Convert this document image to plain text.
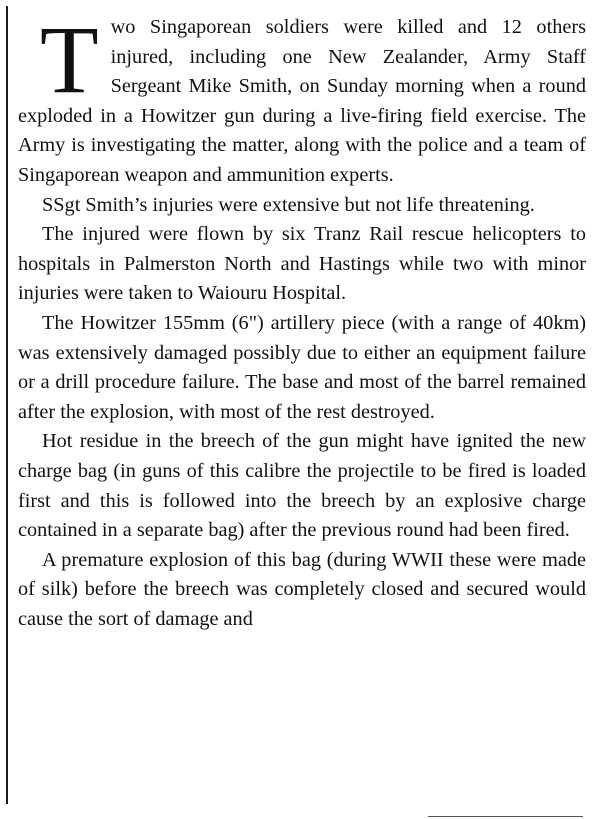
Two Singaporean soldiers were killed and 12 others injured, including one New Zealander, Army Staff Sergeant Mike Smith, on Sunday morning when a round exploded in a Howitzer gun during a live-firing field exercise. The Army is investigating the matter, along with the police and a team of Singaporean weapon and ammunition experts.

SSgt Smith’s injuries were extensive but not life threatening.

The injured were flown by six Tranz Rail rescue helicopters to hospitals in Palmerston North and Hastings while two with minor injuries were taken to Waiouru Hospital.

The Howitzer 155mm (6") artillery piece (with a range of 40km) was extensively damaged possibly due to either an equipment failure or a drill procedure failure. The base and most of the barrel remained after the explosion, with most of the rest destroyed.

Hot residue in the breech of the gun might have ignited the new charge bag (in guns of this calibre the projectile to be fired is loaded first and this is followed into the breech by an explosive charge contained in a separate bag) after the previous round had been fired.

A premature explosion of this bag (during WWII these were made of silk) before the breech was completely closed and secured would cause the sort of damage and
